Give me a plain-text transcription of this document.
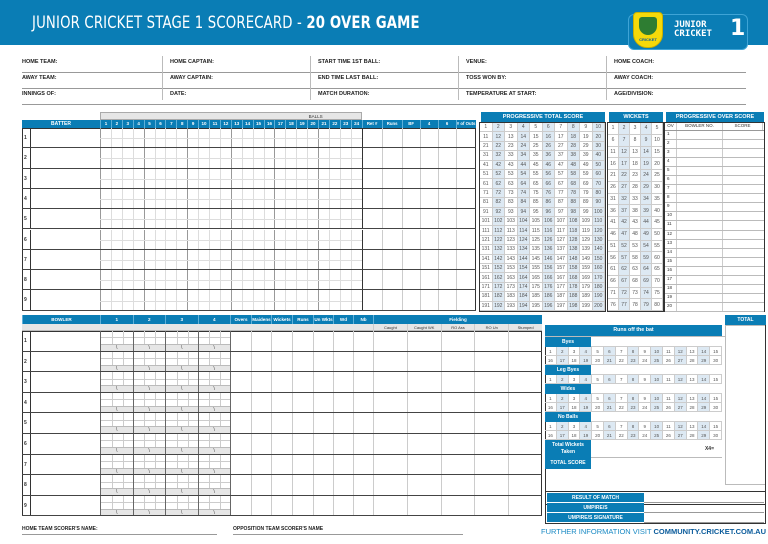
JUNIOR CRICKET STAGE 1 SCORECARD - 20 OVER GAME
CRICKET
JUNIOR
CRICKET 1
HOME TEAM:
AWAY TEAM:
INNINGS OF:
HOME CAPTAIN:
AWAY CAPTAIN:
DATE:
START TIME 1ST BALL:
END TIME LAST BALL:
MATCH DURATION:
VENUE:
TOSS WON BY:
TEMPERATURE AT START:
HOME COACH:
AWAY COACH:
AGE/DIVISION:
BALLS
BATTER	1	2	3	4	5	6	7	8	9	10	11	12	13	14	15	16	17	18	19	20	21	22	23	24	Ret #	Runs	BF	4	6	# of Outs
1
2
3
4
5
6
7
8
9
PROGRESSIVE TOTAL SCORE
1	2	3	4	5	6	7	8	9	10
11	12	13	14	15	16	17	18	19	20
21	22	23	24	25	26	27	28	29	30
31	32	33	34	35	36	37	38	39	40
41	42	43	44	45	46	47	48	49	50
51	52	53	54	55	56	57	58	59	60
61	62	63	64	65	66	67	68	69	70
71	72	73	74	75	76	77	78	79	80
81	82	83	84	85	86	87	88	89	90
91	92	93	94	95	96	97	98	99	100
101 102 103 104 105 106 107 108 109 110
111 112 113 114 115 116 117 118 119 120
121 122 123 124 125 126 127 128 129 130
131 132 133 134 135 136 137 138 139 140
141 142 143 144 145 146 147 148 149 150
151 152 153 154 155 156 157 158 159 160
161 162 163 164 165 166 167 168 169 170
171 172 173 174 175 176 177 178 179 180
181 182 183 184 185 186 187 188 189 190
191 192 193 194 195 196 197 198 199 200
WICKETS
1	2	3	4	5
6	7	8	9	10
11	12	13	14	15
16	17	18	19	20
21	22	23	24	25
26	27	28	29	30
31	32	33	34	35
36	37	38	39	40
41	42	43	44	45
46	47	48	49	50
51	52	53	54	55
56	57	58	59	60
61	62	63	64	65
66	67	68	69	70
71	72	73	74	75
76	77	78	79	80
PROGRESSIVE OVER SCORE
OV	BOWLER NO.	SCORE
1
2
3
4
5
6
7
8
9
10
11
12
13
14
15
16
17
18
19
20
BOWLER	1	2	3	4	Overs	Maidens Wickets	Runs	Un Wkts	Wd	Nb	Fielding
Caught	Caught WK	RO Ass	RO Un	Stumped
1
\	\	\	\
2
\	\	\	\
3
\	\	\	\
4
\	\	\	\
5
\	\	\	\
6
\	\	\	\
7
\	\	\	\
8
\	\	\	\
9
\	\	\	\
TOTAL
Runs off the bat
Byes
1	2	3	4	5	6	7	8	9	10	11	12	13	14	15
16	17	18	19	20	21	22	23	24	25	26	27	28	29	30
Leg Byes
1	2	3	4	5	6	7	8	9	10	11	12	13	14	15
Wides
1	2	3	4	5	6	7	8	9	10	11	12	13	14	15
16	17	18	19	20	21	22	23	24	25	26	27	28	29	30
No Balls
1	2	3	4	5	6	7	8	9	10	11	12	13	14	15
16	17	18	19	20	21	22	23	24	25	26	27	28	29	30
Total Wickets Taken	X4=
TOTAL SCORE
RESULT OF MATCH
UMPIRE/S
UMPIRE/S SIGNATURE
HOME TEAM SCORER'S NAME:	OPPOSITION TEAM SCORER'S NAME	FURTHER INFORMATION VISIT COMMUNITY.CRICKET.COM.AU
